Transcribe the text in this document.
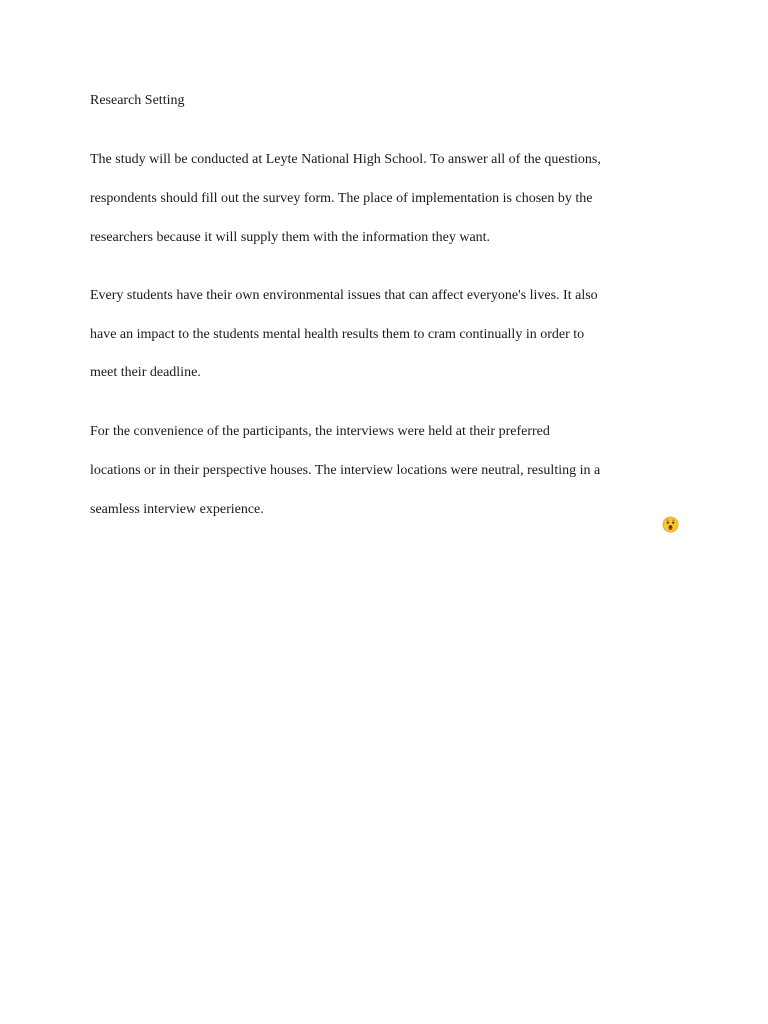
Research Setting

The study will be conducted at Leyte National High School. To answer all of the questions,

respondents should fill out the survey form. The place of implementation is chosen by the

researchers because it will supply them with the information they want.

Every students have their own environmental issues that can affect everyone's lives. It also

have an impact to the students mental health results them to cram continually in order to

meet their deadline.

For the convenience of the participants, the interviews were held at their preferred

locations or in their perspective houses. The interview locations were neutral, resulting in a

seamless interview experience.
